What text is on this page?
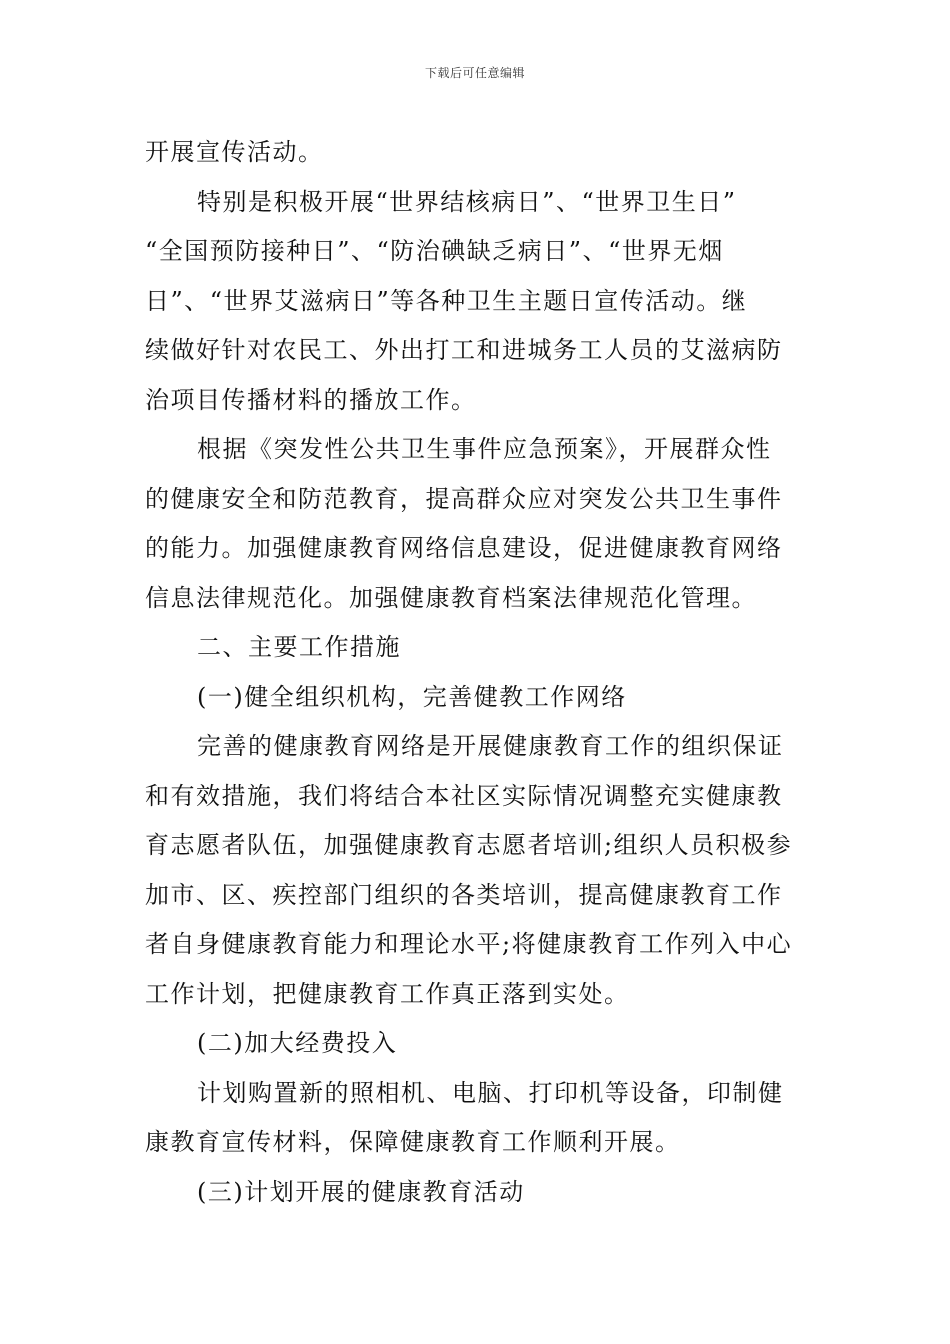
下载后可任意编辑
开展宣传活动。
特别是积极开展“世界结核病日”、“世界卫生日”
“全国预防接种日”、“防治碘缺乏病日”、“世界无烟
日”、“世界艾滋病日”等各种卫生主题日宣传活动。继
续做好针对农民工、外出打工和进城务工人员的艾滋病防
治项目传播材料的播放工作。
根据《突发性公共卫生事件应急预案》，开展群众性
的健康安全和防范教育，提高群众应对突发公共卫生事件
的能力。加强健康教育网络信息建设，促进健康教育网络
信息法律规范化。加强健康教育档案法律规范化管理。
二、主要工作措施
(一)健全组织机构，完善健教工作网络
完善的健康教育网络是开展健康教育工作的组织保证
和有效措施，我们将结合本社区实际情况调整充实健康教
育志愿者队伍，加强健康教育志愿者培训;组织人员积极参
加市、区、疾控部门组织的各类培训，提高健康教育工作
者自身健康教育能力和理论水平;将健康教育工作列入中心
工作计划，把健康教育工作真正落到实处。
(二)加大经费投入
计划购置新的照相机、电脑、打印机等设备，印制健
康教育宣传材料，保障健康教育工作顺利开展。
(三)计划开展的健康教育活动
